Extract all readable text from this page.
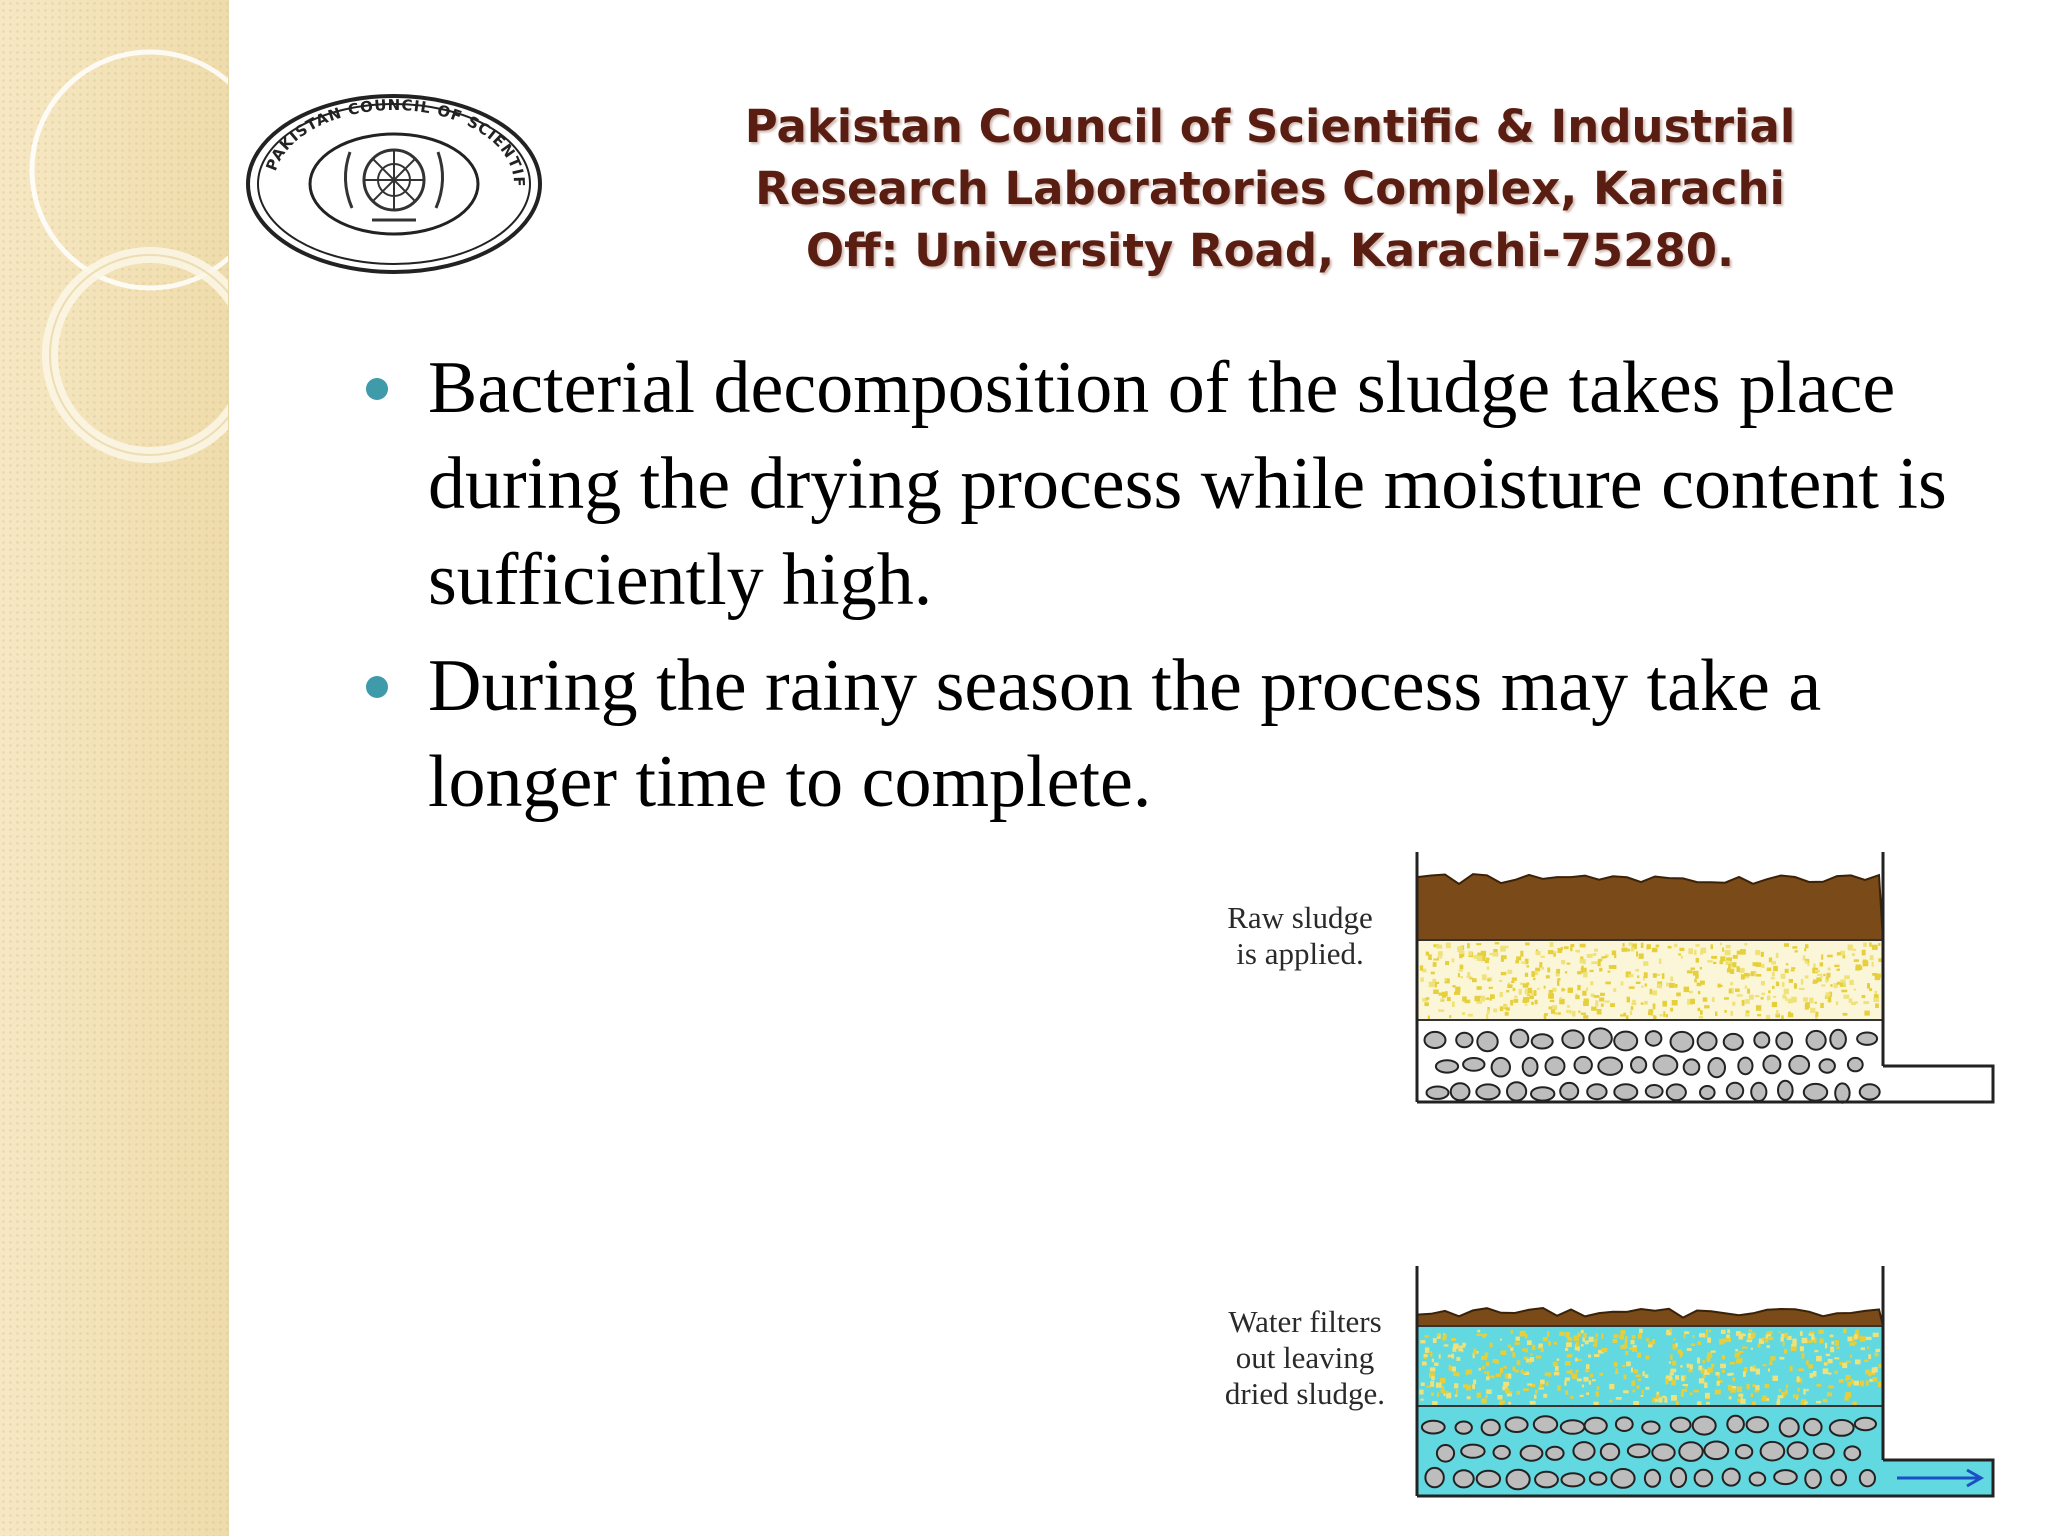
PAKISTAN COUNCIL OF SCIENTIF
Pakistan Council of Scientific & Industrial
Research Laboratories Complex, Karachi
Off: University Road, Karachi-75280.
Bacterial decomposition of the sludge takes place during the drying process while moisture content is sufficiently high.
During the rainy season the process may take a longer time to complete.
Raw sludge
is applied.
Water filters
out leaving
dried sludge.
